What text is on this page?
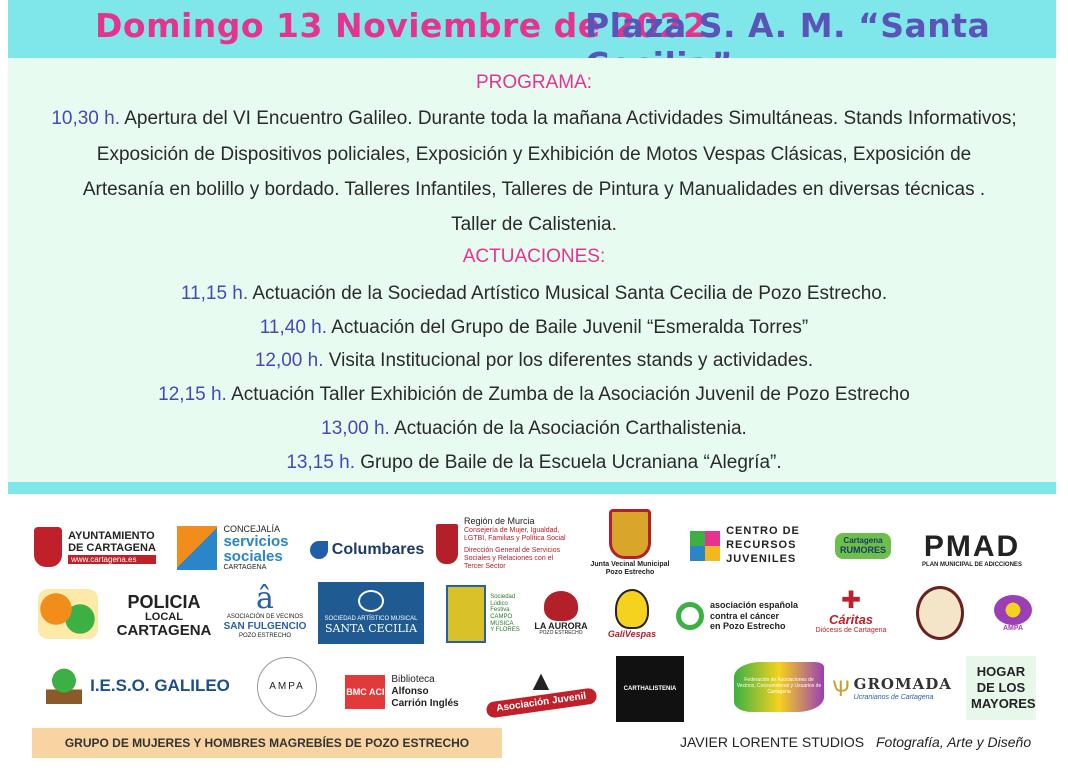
Domingo 13 Noviembre de 2022
Plaza S. A. M. “Santa
PROGRAMA:
10,30 h. Apertura del VI Encuentro Galileo. Durante toda la mañana Actividades Simultáneas. Stands Informativos;
Exposición de Dispositivos policiales, Exposición y Exhibición de Motos Vespas Clásicas, Exposición de
Artesanía en bolillo y bordado. Talleres Infantiles, Talleres de Pintura y Manualidades en diversas técnicas .
Taller de Calistenia.
ACTUACIONES:
11,15 h. Actuación de la Sociedad Artístico Musical Santa Cecilia de Pozo Estrecho.
11,40 h. Actuación del Grupo de Baile Juvenil “Esmeralda Torres”
12,00 h. Visita Institucional por los diferentes stands y actividades.
12,15 h. Actuación Taller Exhibición de Zumba de la Asociación Juvenil de Pozo Estrecho
13,00 h. Actuación de la Asociación Carthalistenia.
13,15 h. Grupo de Baile de la Escuela Ucraniana “Alegría”.
AYUNTAMIENTO
DE CARTAGENA
www.cartagena.es
CONCEJALÍA
servicios
sociales
CARTAGENA
Columbares
Región de Murcia
Consejería de Mujer, Igualdad, LGTBI, Familias y Política Social
Dirección General de Servicios Sociales y Relaciones con el Tercer Sector	Junta Vecinal Municipal
Pozo Estrecho
CENTRO DE
RECURSOS
JUVENILES
Cartagena
RUMORES PMAD
PLAN MUNICIPAL DE ADICCIONES
POLICIA
LOCAL
CARTAGENA
â
ASOCIACIÓN DE VECINOS
SAN FULGENCIO
POZO ESTRECHO
SOCIEDAD ARTÍSTICO MUSICAL
SANTA CECILIA
Sociedad
Lúdico
Festiva
CAMPO
MUSICA
Y FLORES LA AURORA
POZO ESTRECHO	GaliVespas
asociación española
contra el cáncer
en Pozo Estrecho
✚
Cáritas
Diócesis de Cartagena	AMPA
I.E.S.O. GALILEO	AMPA	BMC ACI
Biblioteca
Alfonso
Carrión Inglés
▲
Asociación Juvenil
CARTHALISTENIA
Federación de Asociaciones de Vecinos, Consumidores y Usuarios de Cartagena	Ѱ GROMADA
Ucranianos de Cartagena
HOGAR DE LOS MAYORES
GRUPO DE MUJERES Y HOMBRES MAGREBÍES DE POZO ESTRECHO	JAVIER LORENTE STUDIOS Fotografía, Arte y Diseño
